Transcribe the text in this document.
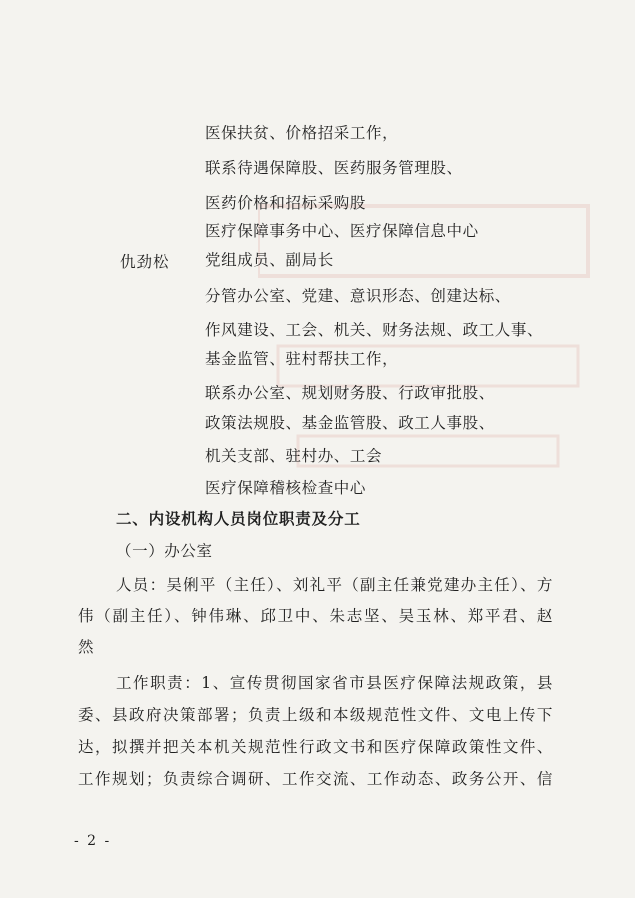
医保扶贫、价格招采工作，
联系待遇保障股、医药服务管理股、
医药价格和招标采购股
医疗保障事务中心、医疗保障信息中心
仇劲松 党组成员、副局长
分管办公室、党建、意识形态、创建达标、
作风建设、工会、机关、财务法规、政工人事、
基金监管、驻村帮扶工作，
联系办公室、规划财务股、行政审批股、
政策法规股、基金监管股、政工人事股、
机关支部、驻村办、工会
医疗保障稽核检查中心
二、内设机构人员岗位职责及分工
（一）办公室
人员：吴俐平（主任）、刘礼平（副主任兼党建办主任）、方
伟（副主任）、钟伟琳、邱卫中、朱志坚、吴玉林、郑平君、赵
然
工作职责：1、宣传贯彻国家省市县医疗保障法规政策，县
委、县政府决策部署；负责上级和本级规范性文件、文电上传下
达，拟撰并把关本机关规范性行政文书和医疗保障政策性文件、
工作规划；负责综合调研、工作交流、工作动态、政务公开、信
- 2 -
